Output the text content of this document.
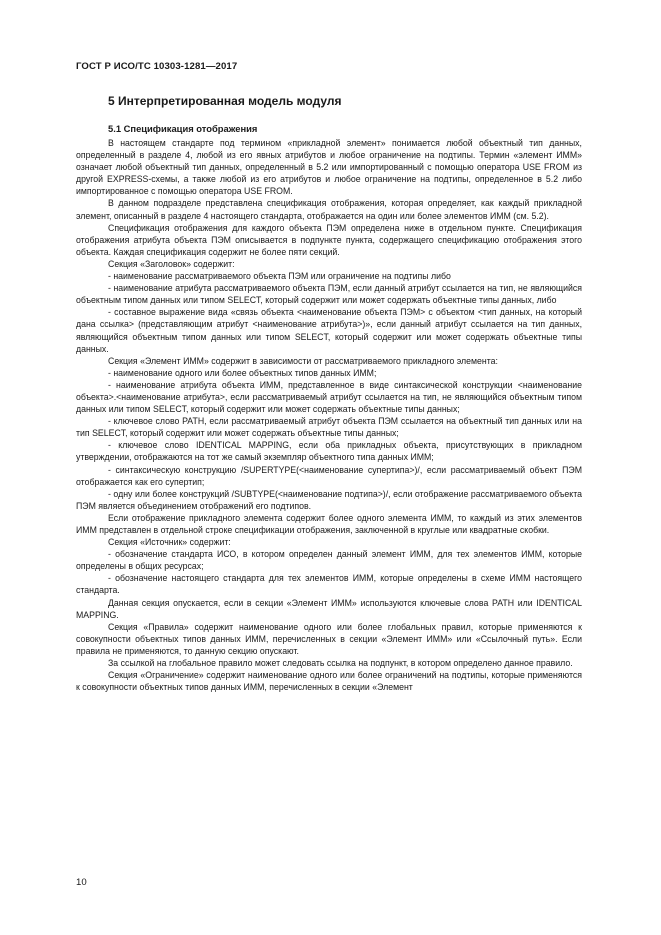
ГОСТ Р ИСО/ТС 10303-1281—2017
5 Интерпретированная модель модуля
5.1 Спецификация отображения

В настоящем стандарте под термином «прикладной элемент» понимается любой объектный тип данных, определенный в разделе 4, любой из его явных атрибутов и любое ограничение на подтипы. Термин «элемент ИММ» означает любой объектный тип данных, определенный в 5.2 или импортированный с помощью оператора USE FROM из другой EXPRESS-схемы, а также любой из его атрибутов и любое ограничение на подтипы, определенное в 5.2 либо импортированное с помощью оператора USE FROM.

В данном подразделе представлена спецификация отображения, которая определяет, как каждый прикладной элемент, описанный в разделе 4 настоящего стандарта, отображается на один или более элементов ИММ (см. 5.2).

Спецификация отображения для каждого объекта ПЭМ определена ниже в отдельном пункте. Спецификация отображения атрибута объекта ПЭМ описывается в подпункте пункта, содержащего спецификацию отображения этого объекта. Каждая спецификация содержит не более пяти секций.

Секция «Заголовок» содержит:

- наименование рассматриваемого объекта ПЭМ или ограничение на подтипы либо

- наименование атрибута рассматриваемого объекта ПЭМ, если данный атрибут ссылается на тип, не являющийся объектным типом данных или типом SELECT, который содержит или может содержать объектные типы данных, либо

- составное выражение вида «связь объекта <наименование объекта ПЭМ> с объектом <тип данных, на который дана ссылка> (представляющим атрибут <наименование атрибута>)», если данный атрибут ссылается на тип данных, являющийся объектным типом данных или типом SELECT, который содержит или может содержать объектные типы данных.

Секция «Элемент ИММ» содержит в зависимости от рассматриваемого прикладного элемента:

- наименование одного или более объектных типов данных ИММ;

- наименование атрибута объекта ИММ, представленное в виде синтаксической конструкции <наименование объекта>.<наименование атрибута>, если рассматриваемый атрибут ссылается на тип, не являющийся объектным типом данных или типом SELECT, который содержит или может содержать объектные типы данных;

- ключевое слово PATH, если рассматриваемый атрибут объекта ПЭМ ссылается на объектный тип данных или на тип SELECT, который содержит или может содержать объектные типы данных;

- ключевое слово IDENTICAL MAPPING, если оба прикладных объекта, присутствующих в прикладном утверждении, отображаются на тот же самый экземпляр объектного типа данных ИММ;

- синтаксическую конструкцию /SUPERTYPE(<наименование супертипа>)/, если рассматриваемый объект ПЭМ отображается как его супертип;

- одну или более конструкций /SUBTYPE(<наименование подтипа>)/, если отображение рассматриваемого объекта ПЭМ является объединением отображений его подтипов.

Если отображение прикладного элемента содержит более одного элемента ИММ, то каждый из этих элементов ИММ представлен в отдельной строке спецификации отображения, заключенной в круглые или квадратные скобки.

Секция «Источник» содержит:

- обозначение стандарта ИСО, в котором определен данный элемент ИММ, для тех элементов ИММ, которые определены в общих ресурсах;

- обозначение настоящего стандарта для тех элементов ИММ, которые определены в схеме ИММ настоящего стандарта.

Данная секция опускается, если в секции «Элемент ИММ» используются ключевые слова PATH или IDENTICAL MAPPING.

Секция «Правила» содержит наименование одного или более глобальных правил, которые применяются к совокупности объектных типов данных ИММ, перечисленных в секции «Элемент ИММ» или «Ссылочный путь». Если правила не применяются, то данную секцию опускают.

За ссылкой на глобальное правило может следовать ссылка на подпункт, в котором определено данное правило.

Секция «Ограничение» содержит наименование одного или более ограничений на подтипы, которые применяются к совокупности объектных типов данных ИММ, перечисленных в секции «Элемент

10
